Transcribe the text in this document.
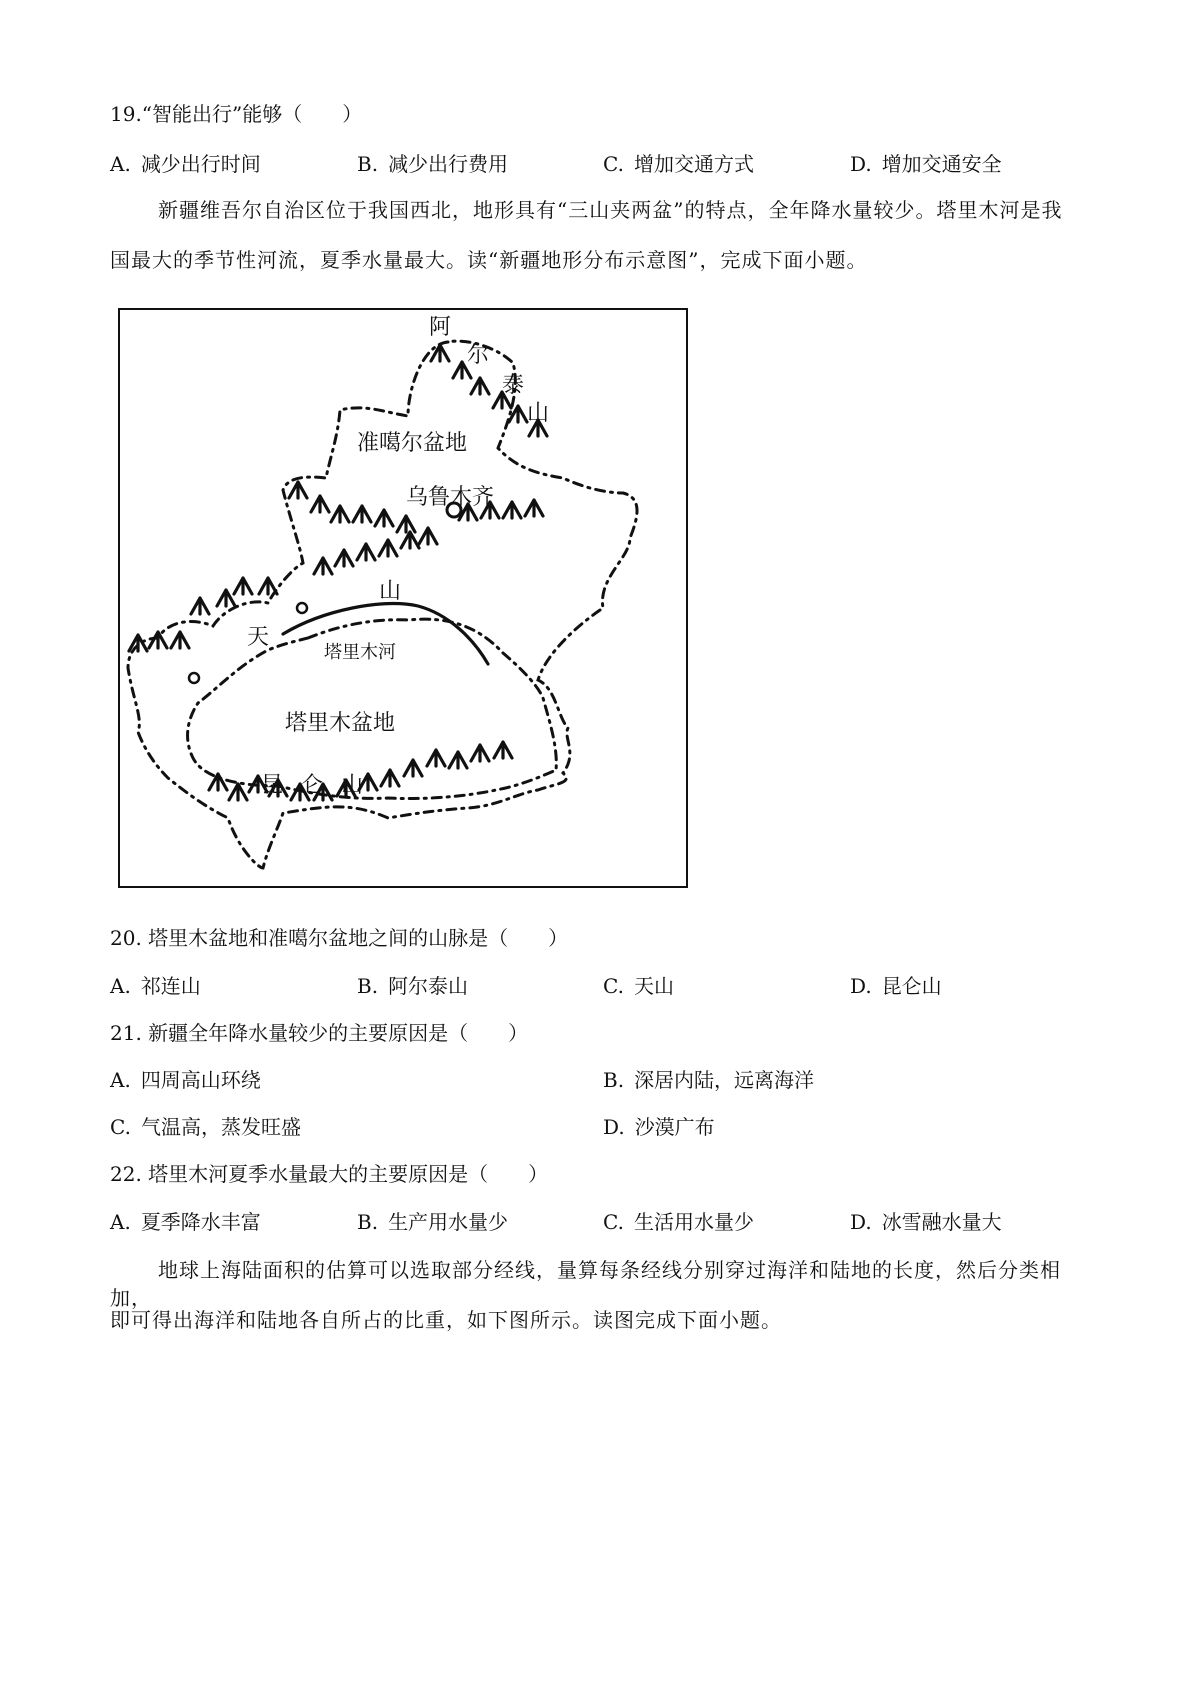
19.“智能出行”能够（　　）
A. 减少出行时间	B. 减少出行费用	C. 增加交通方式	D. 增加交通安全
新疆维吾尔自治区位于我国西北，地形具有“三山夹两盆”的特点，全年降水量较少。塔里木河是我
国最大的季节性河流，夏季水量最大。读“新疆地形分布示意图”，完成下面小题。
阿
尔
泰
山
准噶尔盆地
乌鲁木齐
山
天
塔里木河
塔里木盆地
昆 仑 山
20. 塔里木盆地和准噶尔盆地之间的山脉是（　　）
A. 祁连山	B. 阿尔泰山	C. 天山	D. 昆仑山
21. 新疆全年降水量较少的主要原因是（　　）
A. 四周高山环绕	B. 深居内陆，远离海洋
C. 气温高，蒸发旺盛	D. 沙漠广布
22. 塔里木河夏季水量最大的主要原因是（　　）
A. 夏季降水丰富	B. 生产用水量少	C. 生活用水量少	D. 冰雪融水量大
地球上海陆面积的估算可以选取部分经线，量算每条经线分别穿过海洋和陆地的长度，然后分类相加，
即可得出海洋和陆地各自所占的比重，如下图所示。读图完成下面小题。
